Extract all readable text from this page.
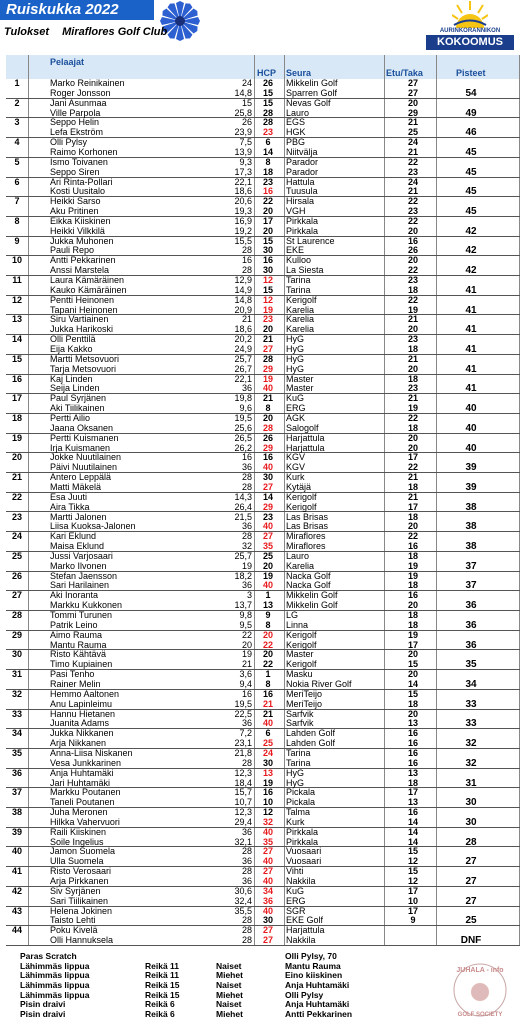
Ruiskukka 2022
Tulokset Miraflores Golf Club	AURINKORANNIKON
KOKOOMUS
Pelaajat
HCP Seura	Etu/Taka	Pisteet
1	Marko Reinikainen	24	26	Mikkelin Golf	27
Roger Jonsson	14,8	15	Sparren Golf	27	54
2	Jani Asunmaa	15	15	Nevas Golf	20
Ville Parpola	25,8	28	Lauro	29	49
3	Seppo Helin	26	28	EGS	21
Lefa Ekström	23,9	23	HGK	25	46
4	Olli Pylsy	7,5	6	PBG	24
Raimo Korhonen	13,9	14	Niitvälja	21	45
5	Ismo Toivanen	9,3	8	Parador	22
Seppo Siren	17,3	18	Parador	23	45
6	Ari Rinta-Pollari	22,1	23	Hattula	24
Kosti Uusitalo	18,6	16	Tuusula	21	45
7	Heikki Sarso	20,6	22	Hirsala	22
Aku Pritinen	19,3	20	VGH	23	45
8	Eikka Kiiskinen	16,9	17	Pirkkala	22
Heikki Vilkkilä	19,2	20	Pirkkala	20	42
9	Jukka Muhonen	15,5	15	St Laurence	16
Pauli Repo	28	30	EKE	26	42
10	Antti Pekkarinen	16	16	Kulloo	20
Anssi Marstela	28	30	La Siesta	22	42
11	Laura Kämäräinen	12,9	12	Tarina	23
Kauko Kämäräinen	14,9	15	Tarina	18	41
12	Pentti Heinonen	14,8	12	Kerigolf	22
Tapani Heinonen	20,9	19	Karelia	19	41
13	Siru Vartiainen	21	23	Karelia	21
Jukka Harikoski	18,6	20	Karelia	20	41
14	Olli Penttilä	20,2	21	HyG	23
Eija Kakko	24,9	27	HyG	18	41
15	Martti Metsovuori	25,7	28	HyG	21
Tarja Metsovuori	26,7	29	HyG	20	41
16	Kaj Linden	22,1	19	Master	18
Seija Linden	36	40	Master	23	41
17	Paul Syrjänen	19,8	21	KuG	21
Aki Tiilikainen	9,6	8	ERG	19	40
18	Pertti Ailio	19,5	20	AGK	22
Jaana Oksanen	25,6	28	Salogolf	18	40
19	Pertti Kuismanen	26,5	26	Harjattula	20
Irja Kuismanen	26,2	29	Harjattula	20	40
20	Jokke Nuutilainen	16	16	KGV	17
Päivi Nuutilainen	36	40	KGV	22	39
21	Antero Leppälä	28	30	Kurk	21
Matti Mäkelä	28	27	Kytäjä	18	39
22	Esa Juuti	14,3	14	Kerigolf	21
Aira Tikka	26,4	29	Kerigolf	17	38
23	Martti Jalonen	21,5	23	Las Brisas	18
Liisa Kuoksa-Jalonen	36	40	Las Brisas	20	38
24	Kari Eklund	28	27	Miraflores	22
Maisa Eklund	32	35	Miraflores	16	38
25	Jussi Varjosaari	25,7	25	Lauro	18
Marko Ilvonen	19	20	Karelia	19	37
26	Stefan Jaensson	18,2	19	Nacka Golf	19
Sari Harilainen	36	40	Nacka Golf	18	37
27	Aki Inoranta	3	1	Mikkelin Golf	16
Markku Kukkonen	13,7	13	Mikkelin Golf	20	36
28	Tommi Turunen	9,8	9	LG	18
Patrik Leino	9,5	8	Linna	18	36
29	Aimo Rauma	22	20	Kerigolf	19
Mantu Rauma	20	22	Kerigolf	17	36
30	Risto Kähtävä	19	20	Master	20
Timo Kupiainen	21	22	Kerigolf	15	35
31	Pasi Tenho	3,6	1	Masku	20
Rainer Melin	9,4	8	Nokia River Golf	14	34
32	Hemmo Aaltonen	16	16	MeriTeijo	15
Anu Lapinleimu	19,5	21	MeriTeijo	18	33
33	Hannu Hietanen	22,5	21	Sarfvik	20
Juanita Adams	36	40	Sarfvik	13	33
34	Jukka Nikkanen	7,2	6	Lahden Golf	16
Arja Nikkanen	23,1	25	Lahden Golf	16	32
35	Anna-Liisa Niskanen	21,8	24	Tarina	16
Vesa Junkkarinen	28	30	Tarina	16	32
36	Anja Huhtamäki	12,3	13	HyG	13
Jari Huhtamäki	18,4	19	HyG	18	31
37	Markku Poutanen	15,7	16	Pickala	17
Taneli Poutanen	10,7	10	Pickala	13	30
38	Juha Meronen	12,3	12	Talma	16
Hilkka Vahervuori	29,4	32	Kurk	14	30
39	Raili Kiiskinen	36	40	Pirkkala	14
Soile Ingelius	32,1	35	Pirkkala	14	28
40	Jamon Suomela	28	27	Vuosaari	15
Ulla Suomela	36	40	Vuosaari	12	27
41	Risto Verosaari	28	27	Vihti	15
Arja Pirkkanen	36	40	Nakkila	12	27
42	Siv Syrjänen	30,6	34	KuG	17
Sari Tiilikainen	32,4	36	ERG	10	27
43	Helena Jokinen	35,5	40	SGR	17
Taisto Lehti	28	30	EKE Golf	9	25
44	Poku Kivelä	28	27	Harjattula
Olli Hannuksela	28	27	Nakkila	DNF
Paras Scratch	Olli Pylsy, 70
Lähimmäs lippua	Reikä 11	Naiset	Mantu Rauma
Lähimmäs lippua	Reikä 11	Miehet	Eino kiiskinen
Lähimmäs lippua	Reikä 15	Naiset	Anja Huhtamäki
Lähimmäs lippua	Reikä 15	Miehet	Olli Pylsy
Pisin draivi	Reikä 6	Naiset	Anja Huhtamäki
Pisin draivi	Reikä 6	Miehet	Antti Pekkarinen
JUHALA - info
GOLF SOCIETY
